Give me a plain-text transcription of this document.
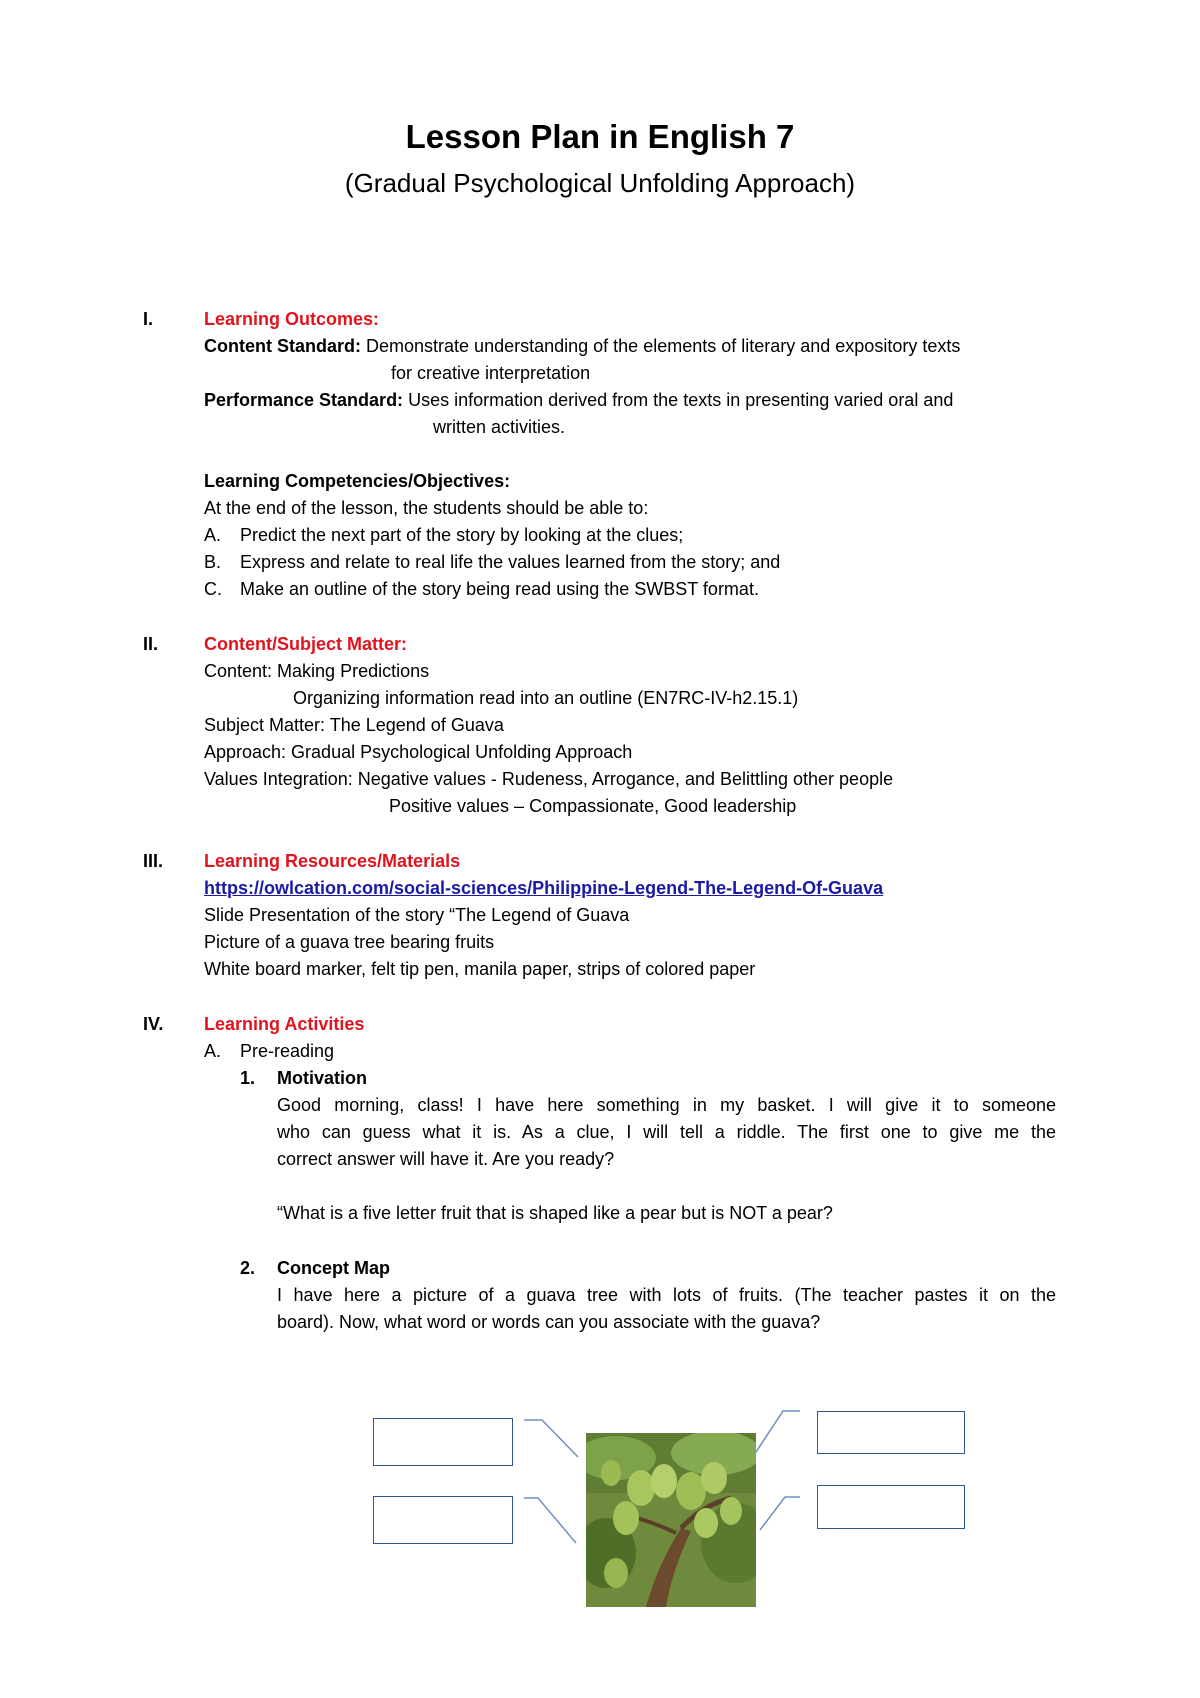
Lesson Plan in English 7
(Gradual Psychological Unfolding Approach)
I.	Learning Outcomes:
Content Standard: Demonstrate understanding of the elements of literary and expository texts
for creative interpretation
Performance Standard: Uses information derived from the texts in presenting varied oral and
written activities.
Learning Competencies/Objectives:
At the end of the lesson, the students should be able to:
A. Predict the next part of the story by looking at the clues;
B. Express and relate to real life the values learned from the story; and
C. Make an outline of the story being read using the SWBST format.
II.	Content/Subject Matter:
Content: Making Predictions
Organizing information read into an outline (EN7RC-IV-h2.15.1)
Subject Matter: The Legend of Guava
Approach: Gradual Psychological Unfolding Approach
Values Integration: Negative values - Rudeness, Arrogance, and Belittling other people
Positive values – Compassionate, Good leadership
III. Learning Resources/Materials
https://owlcation.com/social-sciences/Philippine-Legend-The-Legend-Of-Guava
Slide Presentation of the story “The Legend of Guava
Picture of a guava tree bearing fruits
White board marker, felt tip pen, manila paper, strips of colored paper
IV. Learning Activities
A. Pre-reading
1. Motivation
Good morning, class! I have here something in my basket. I will give it to someone
who can guess what it is. As a clue, I will tell a riddle. The first one to give me the
correct answer will have it. Are you ready?
“What is a five letter fruit that is shaped like a pear but is NOT a pear?
2. Concept Map
I have here a picture of a guava tree with lots of fruits. (The teacher pastes it on the
board). Now, what word or words can you associate with the guava?
